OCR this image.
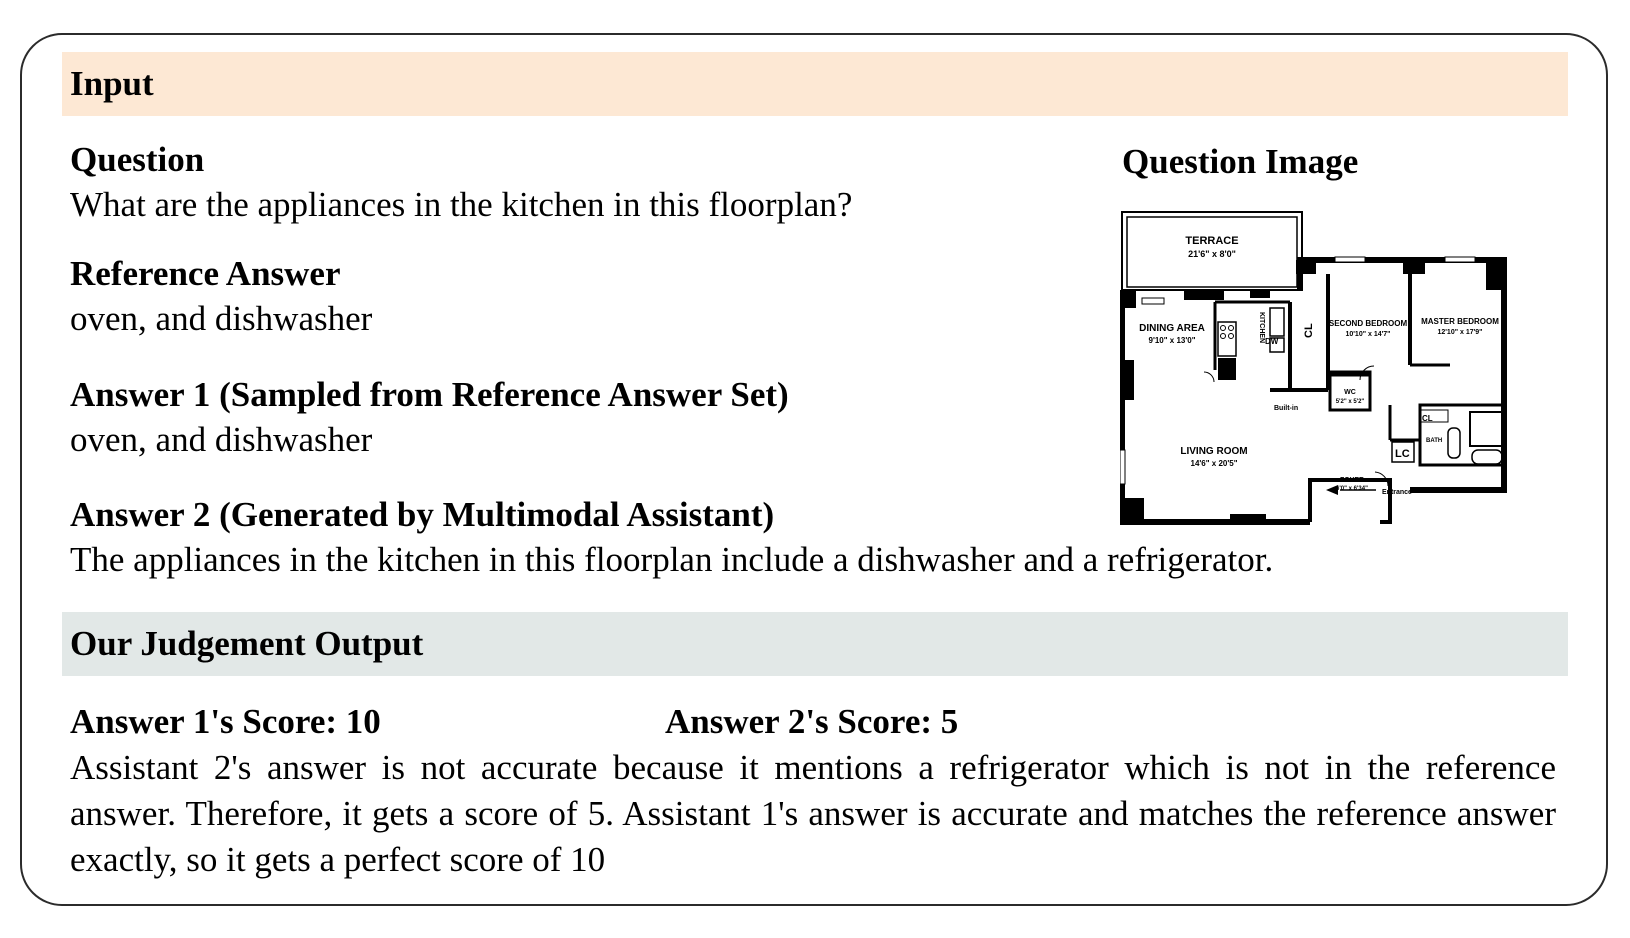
Input
Question
What are the appliances in the kitchen in this floorplan?
Reference Answer
oven, and dishwasher
Answer 1 (Sampled from Reference Answer Set)
oven, and dishwasher
Answer 2 (Generated by Multimodal Assistant)
The appliances in the kitchen in this floorplan include a dishwasher and a refrigerator.
Question Image
TERRACE
21'6" x 8'0"
DINING AREA
9'10" x 13'0"	KITCHEN DW
CL SECOND BEDROOM
10'10" x 14'7"
MASTER BEDROOM
12'10" x 17'9"
Built-in
WC
5'2" x 5'2"
LIVING ROOM
14'6" x 20'5"
FOYER
6'0" x 6'34" Entrance
LC
CL
BATH
Our Judgement Output
Answer 1's Score: 10	Answer 2's Score: 5
Assistant 2's answer is not accurate because it mentions a refrigerator which is not in the reference answer. Therefore, it gets a score of 5. Assistant 1's answer is accurate and matches the reference answer exactly, so it gets a perfect score of 10
